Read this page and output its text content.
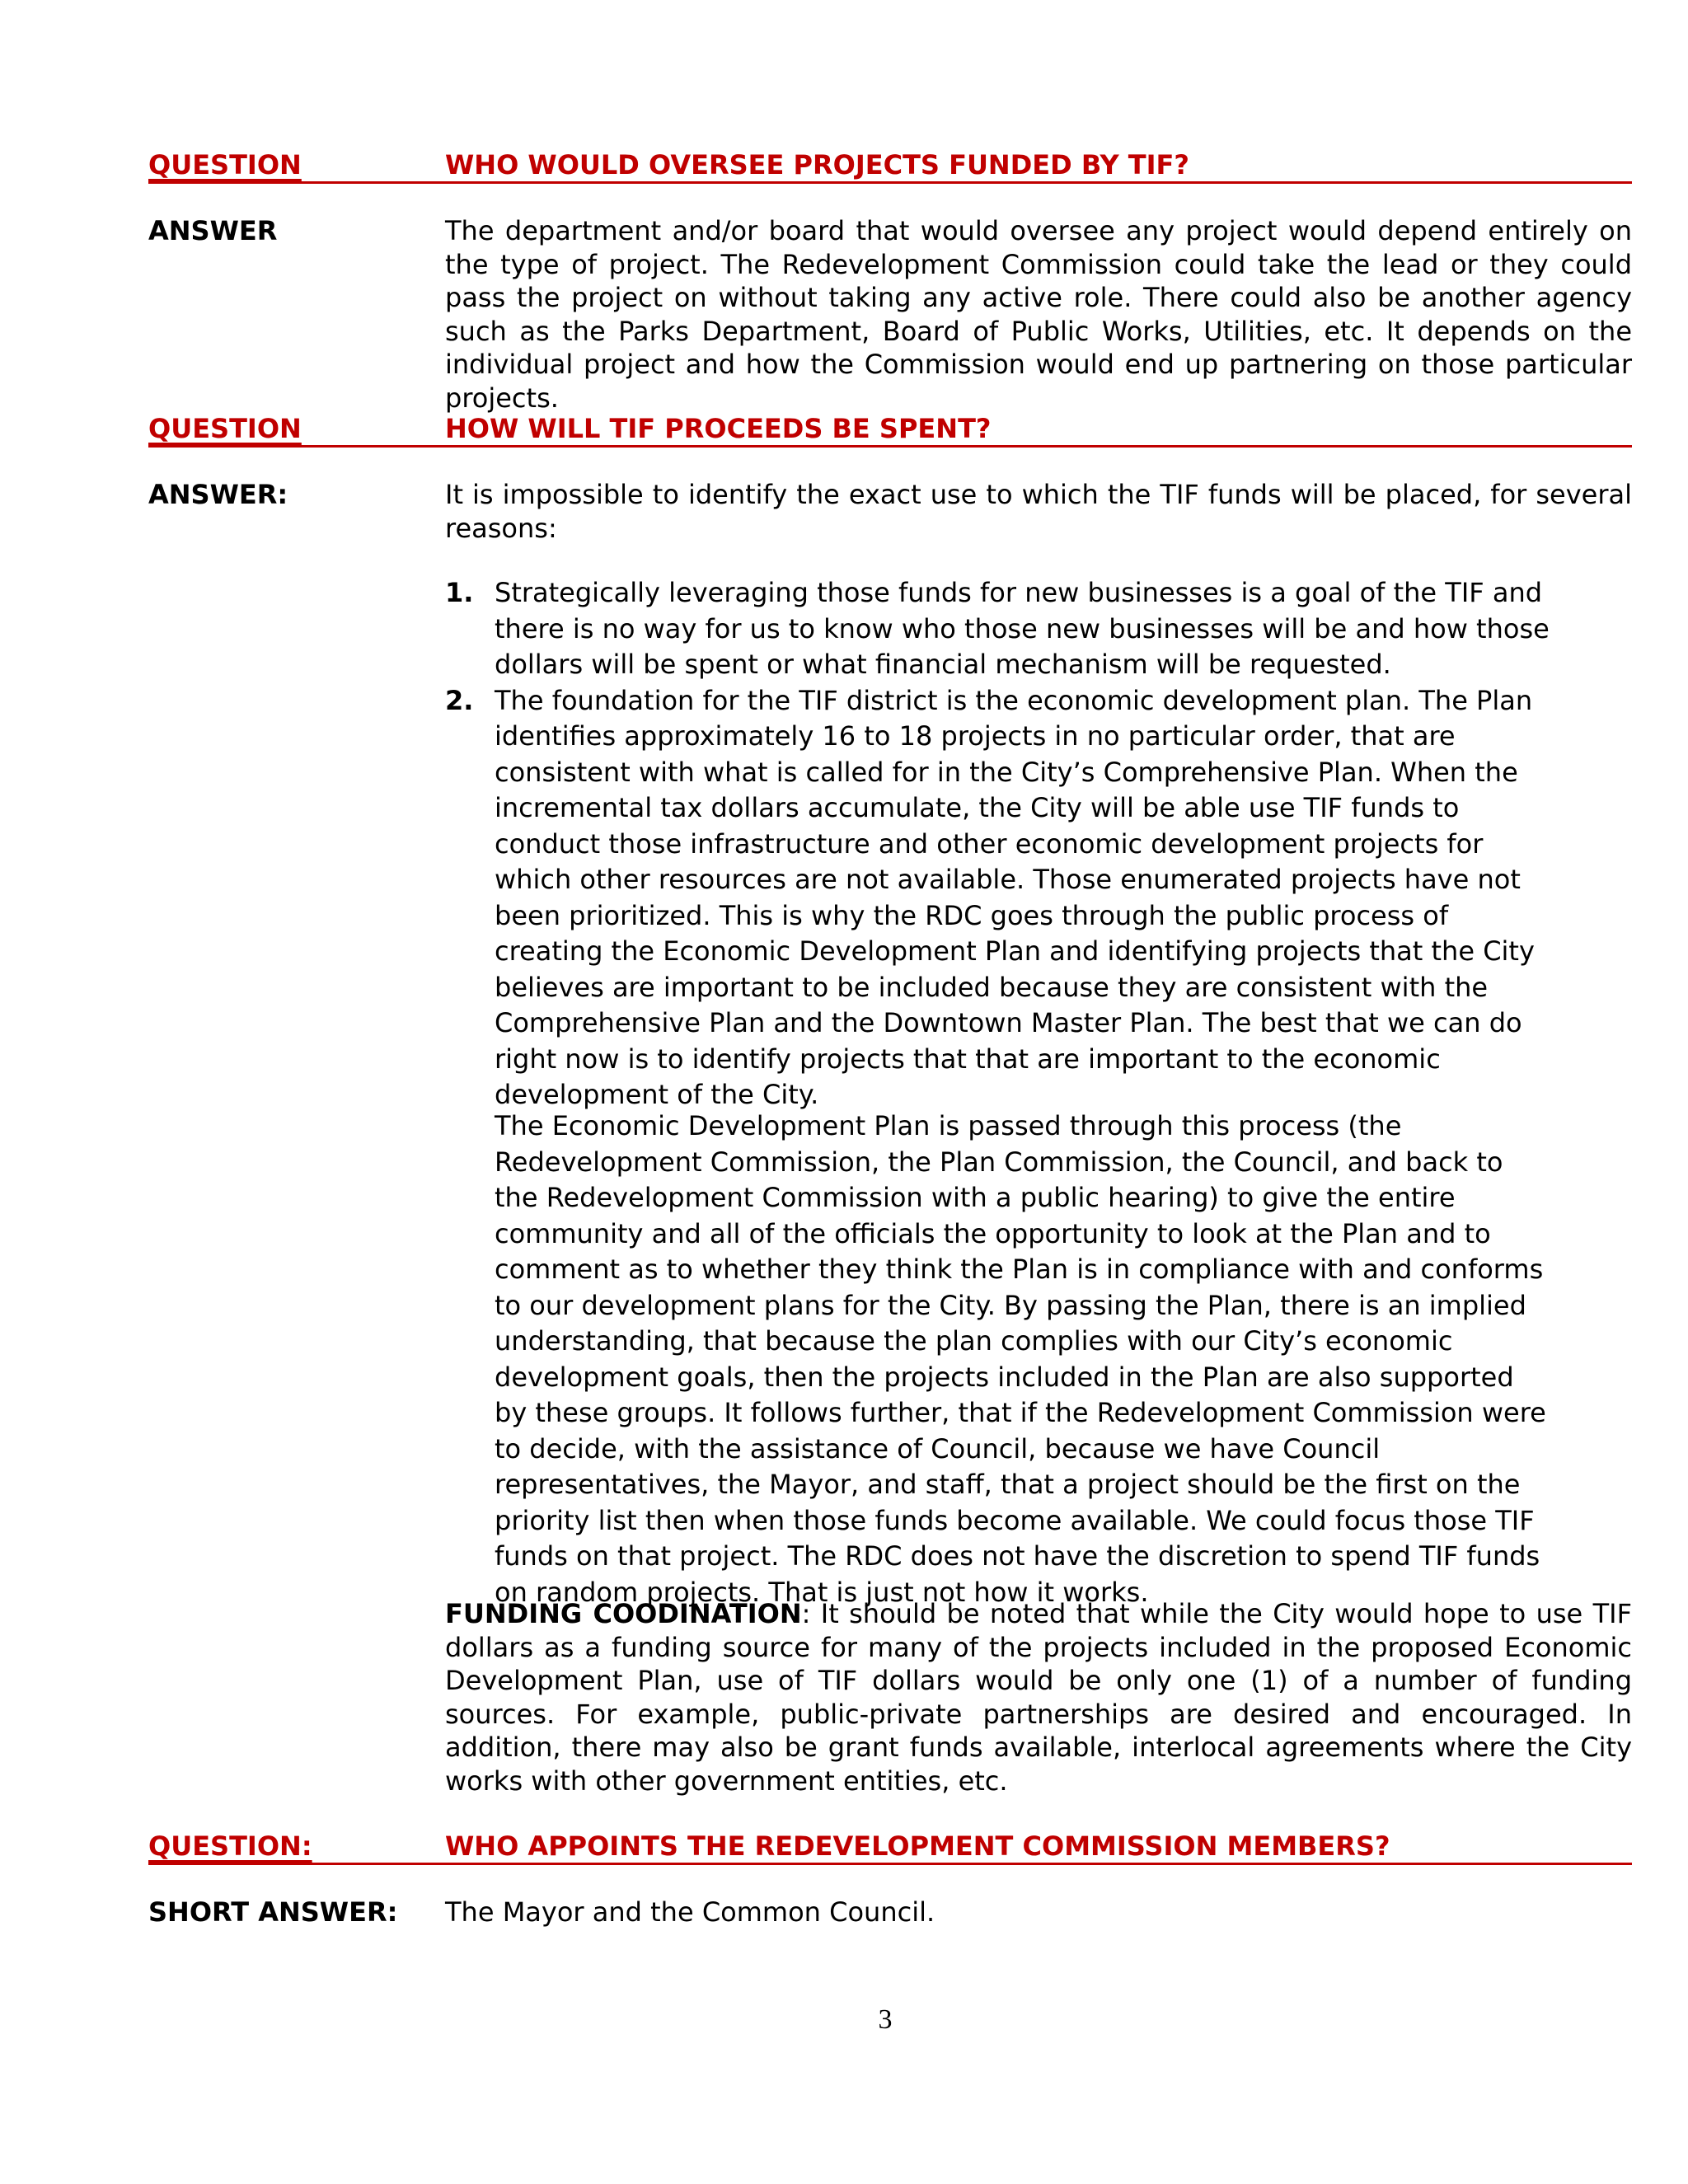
QUESTION	WHO WOULD OVERSEE PROJECTS FUNDED BY TIF?
ANSWER	The department and/or board that would oversee any project would depend entirely on the type of project. The Redevelopment Commission could take the lead or they could pass the project on without taking any active role. There could also be another agency such as the Parks Department, Board of Public Works, Utilities, etc. It depends on the individual project and how the Commission would end up partnering on those particular projects.
QUESTION	HOW WILL TIF PROCEEDS BE SPENT?
ANSWER:	It is impossible to identify the exact use to which the TIF funds will be placed, for several reasons:
1. Strategically leveraging those funds for new businesses is a goal of the TIF and there is no way for us to know who those new businesses will be and how those dollars will be spent or what financial mechanism will be requested.
2. The foundation for the TIF district is the economic development plan. The Plan identifies approximately 16 to 18 projects in no particular order, that are consistent with what is called for in the City’s Comprehensive Plan. When the incremental tax dollars accumulate, the City will be able use TIF funds to conduct those infrastructure and other economic development projects for which other resources are not available. Those enumerated projects have not been prioritized. This is why the RDC goes through the public process of creating the Economic Development Plan and identifying projects that the City believes are important to be included because they are consistent with the Comprehensive Plan and the Downtown Master Plan. The best that we can do right now is to identify projects that that are important to the economic development of the City.
The Economic Development Plan is passed through this process (the Redevelopment Commission, the Plan Commission, the Council, and back to the Redevelopment Commission with a public hearing) to give the entire community and all of the officials the opportunity to look at the Plan and to comment as to whether they think the Plan is in compliance with and conforms to our development plans for the City. By passing the Plan, there is an implied understanding, that because the plan complies with our City’s economic development goals, then the projects included in the Plan are also supported by these groups. It follows further, that if the Redevelopment Commission were to decide, with the assistance of Council, because we have Council representatives, the Mayor, and staff, that a project should be the first on the priority list then when those funds become available. We could focus those TIF funds on that project. The RDC does not have the discretion to spend TIF funds on random projects. That is just not how it works.
FUNDING COODINATION: It should be noted that while the City would hope to use TIF dollars as a funding source for many of the projects included in the proposed Economic Development Plan, use of TIF dollars would be only one (1) of a number of funding sources. For example, public-private partnerships are desired and encouraged. In addition, there may also be grant funds available, interlocal agreements where the City works with other government entities, etc.
QUESTION:	WHO APPOINTS THE REDEVELOPMENT COMMISSION MEMBERS?
SHORT ANSWER: The Mayor and the Common Council.
3
